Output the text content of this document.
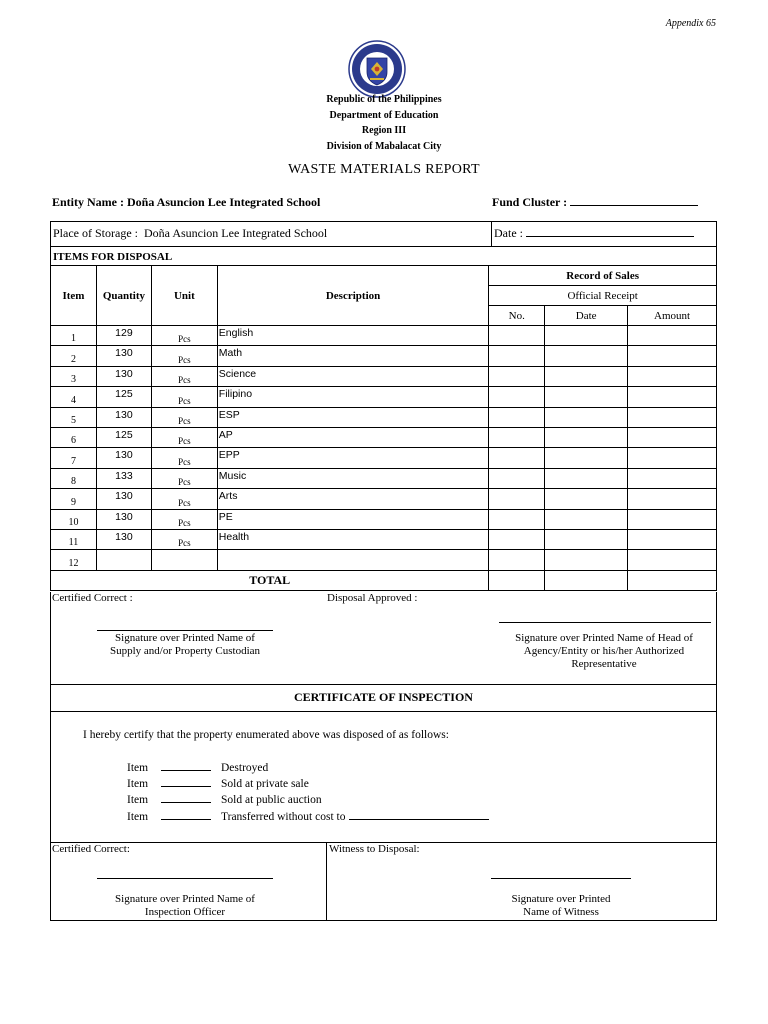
Appendix 65
Republic of the Philippines
Department of Education
Region III
Division of Mabalacat City
WASTE MATERIALS REPORT
Entity Name : Doña Asuncion Lee Integrated School	Fund Cluster :
Place of Storage : Doña Asuncion Lee Integrated School	Date :
ITEMS FOR DISPOSAL
Item	Quantity	Unit	Description	Record of Sales		
				Official Receipt		
				No.	Date	Amount
1	129	Pcs	English			
2	130	Pcs	Math			
3	130	Pcs	Science			
4	125	Pcs	Filipino			
5	130	Pcs	ESP			
6	125	Pcs	AP			
7	130	Pcs	EPP			
8	133	Pcs	Music			
9	130	Pcs	Arts			
10	130	Pcs	PE			
11	130	Pcs	Health			
12						
TOTAL						
Certified Correct :	Disposal Approved :
Signature over Printed Name of
Supply and/or Property Custodian
Signature over Printed Name of Head of
Agency/Entity or his/her Authorized
Representative
CERTIFICATE OF INSPECTION
I hereby certify that the property enumerated above was disposed of as follows:
Item	Destroyed
Item	Sold at private sale
Item	Sold at public auction
Item	Transferred without cost to
Certified Correct:	Witness to Disposal:
Signature over Printed Name of
Inspection Officer
Signature over Printed
Name of Witness
